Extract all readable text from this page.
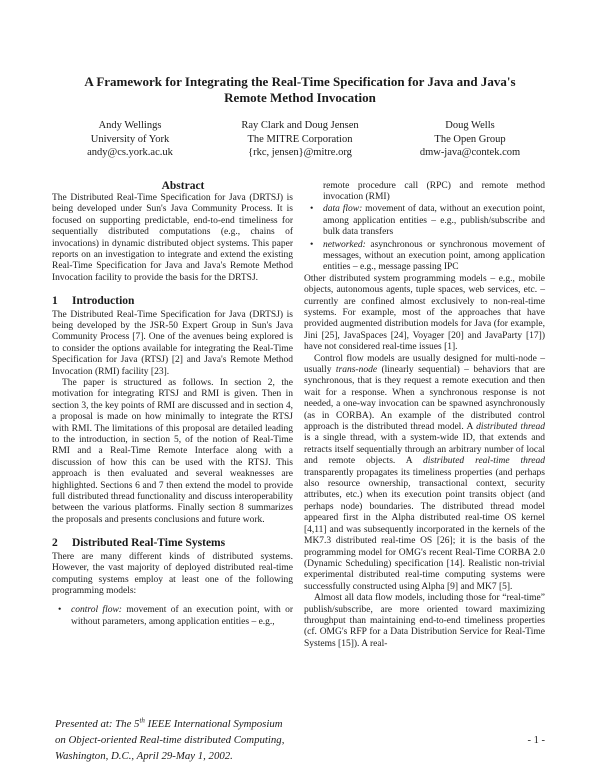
A Framework for Integrating the Real-Time Specification for Java and Java's
Remote Method Invocation
Andy Wellings
University of York
andy@cs.york.ac.uk
Ray Clark and Doug Jensen
The MITRE Corporation
{rkc, jensen}@mitre.org
Doug Wells
The Open Group
dmw-java@contek.com
Abstract

The Distributed Real-Time Specification for Java (DRTSJ) is being developed under Sun's Java Community Process. It is focused on supporting predictable, end-to-end timeliness for sequentially distributed computations (e.g., chains of invocations) in dynamic distributed object systems. This paper reports on an investigation to integrate and extend the existing Real-Time Specification for Java and Java's Remote Method Invocation facility to provide the basis for the DRTSJ.

1 Introduction

The Distributed Real-Time Specification for Java (DRTSJ) is being developed by the JSR-50 Expert Group in Sun's Java Community Process [7]. One of the avenues being explored is to consider the options available for integrating the Real-Time Specification for Java (RTSJ) [2] and Java's Remote Method Invocation (RMI) facility [23].

The paper is structured as follows. In section 2, the motivation for integrating RTSJ and RMI is given. Then in section 3, the key points of RMI are discussed and in section 4, a proposal is made on how minimally to integrate the RTSJ with RMI. The limitations of this proposal are detailed leading to the introduction, in section 5, of the notion of Real-Time RMI and a Real-Time Remote Interface along with a discussion of how this can be used with the RTSJ. This approach is then evaluated and several weaknesses are highlighted. Sections 6 and 7 then extend the model to provide full distributed thread functionality and discuss interoperability between the various platforms. Finally section 8 summarizes the proposals and presents conclusions and future work.

2 Distributed Real-Time Systems

There are many different kinds of distributed systems. However, the vast majority of deployed distributed real-time computing systems employ at least one of the following programming models:

•	control flow: movement of an execution point, with or without parameters, among application entities – e.g.,

remote procedure call (RPC) and remote method invocation (RMI)

•	data flow: movement of data, without an execution point, among application entities – e.g., publish/subscribe and bulk data transfers
•	networked: asynchronous or synchronous movement of messages, without an execution point, among application entities – e.g., message passing IPC

Other distributed system programming models – e.g., mobile objects, autonomous agents, tuple spaces, web services, etc. – currently are confined almost exclusively to non-real-time systems. For example, most of the approaches that have provided augmented distribution models for Java (for example, Jini [25], JavaSpaces [24], Voyager [20] and JavaParty [17]) have not considered real-time issues [1].

Control flow models are usually designed for multi-node – usually trans-node (linearly sequential) – behaviors that are synchronous, that is they request a remote execution and then wait for a response. When a synchronous response is not needed, a one-way invocation can be spawned asynchronously (as in CORBA). An example of the distributed control approach is the distributed thread model. A distributed thread is a single thread, with a system-wide ID, that extends and retracts itself sequentially through an arbitrary number of local and remote objects. A distributed real-time thread transparently propagates its timeliness properties (and perhaps also resource ownership, transactional context, security attributes, etc.) when its execution point transits object (and perhaps node) boundaries. The distributed thread model appeared first in the Alpha distributed real-time OS kernel [4,11] and was subsequently incorporated in the kernels of the MK7.3 distributed real-time OS [26]; it is the basis of the programming model for OMG's recent Real-Time CORBA 2.0 (Dynamic Scheduling) specification [14]. Realistic non-trivial experimental distributed real-time computing systems were successfully constructed using Alpha [9] and MK7 [5].

Almost all data flow models, including those for “real-time” publish/subscribe, are more oriented toward maximizing throughput than maintaining end-to-end timeliness properties (cf. OMG's RFP for a Data Distribution Service for Real-Time Systems [15]). A real-

Presented at: The 5th IEEE International Symposium
on Object-oriented Real-time distributed Computing,
Washington, D.C., April 29-May 1, 2002.
- 1 -
